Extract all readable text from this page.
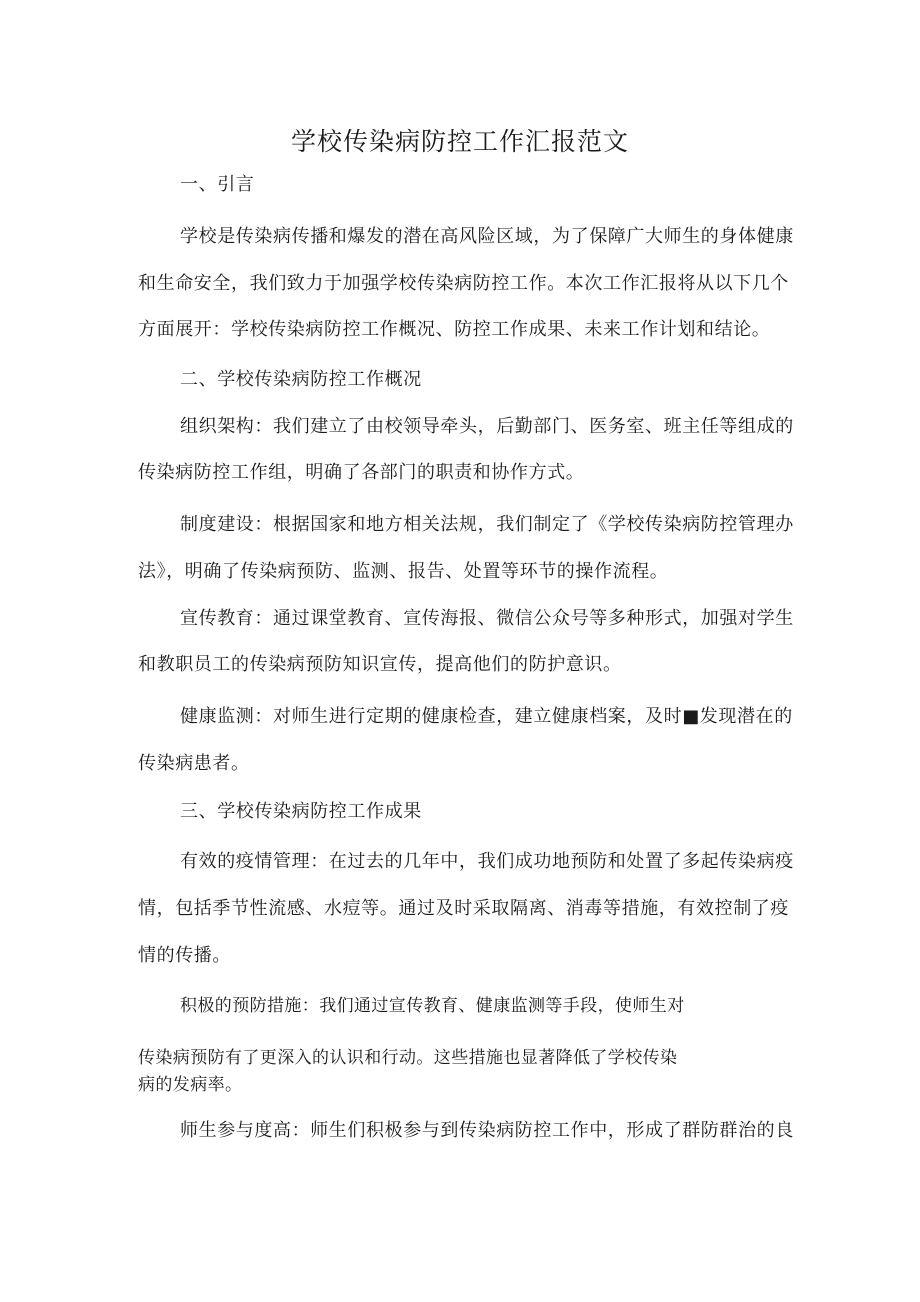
学校传染病防控工作汇报范文
一、引言
学校是传染病传播和爆发的潜在高风险区域，为了保障广大师生的身体健康
和生命安全，我们致力于加强学校传染病防控工作。本次工作汇报将从以下几个
方面展开：学校传染病防控工作概况、防控工作成果、未来工作计划和结论。
二、学校传染病防控工作概况
组织架构：我们建立了由校领导牵头，后勤部门、医务室、班主任等组成的
传染病防控工作组，明确了各部门的职责和协作方式。
制度建设：根据国家和地方相关法规，我们制定了《学校传染病防控管理办
法》，明确了传染病预防、监测、报告、处置等环节的操作流程。
宣传教育：通过课堂教育、宣传海报、微信公众号等多种形式，加强对学生
和教职员工的传染病预防知识宣传，提高他们的防护意识。
健康监测：对师生进行定期的健康检查，建立健康档案，及时■发现潜在的
传染病患者。
三、学校传染病防控工作成果
有效的疫情管理：在过去的几年中，我们成功地预防和处置了多起传染病疫
情，包括季节性流感、水痘等。通过及时采取隔离、消毒等措施，有效控制了疫
情的传播。
积极的预防措施：我们通过宣传教育、健康监测等手段，使师生对
传染病预防有了更深入的认识和行动。这些措施也显著降低了学校传染
病的发病率。
师生参与度高：师生们积极参与到传染病防控工作中，形成了群防群治的良
